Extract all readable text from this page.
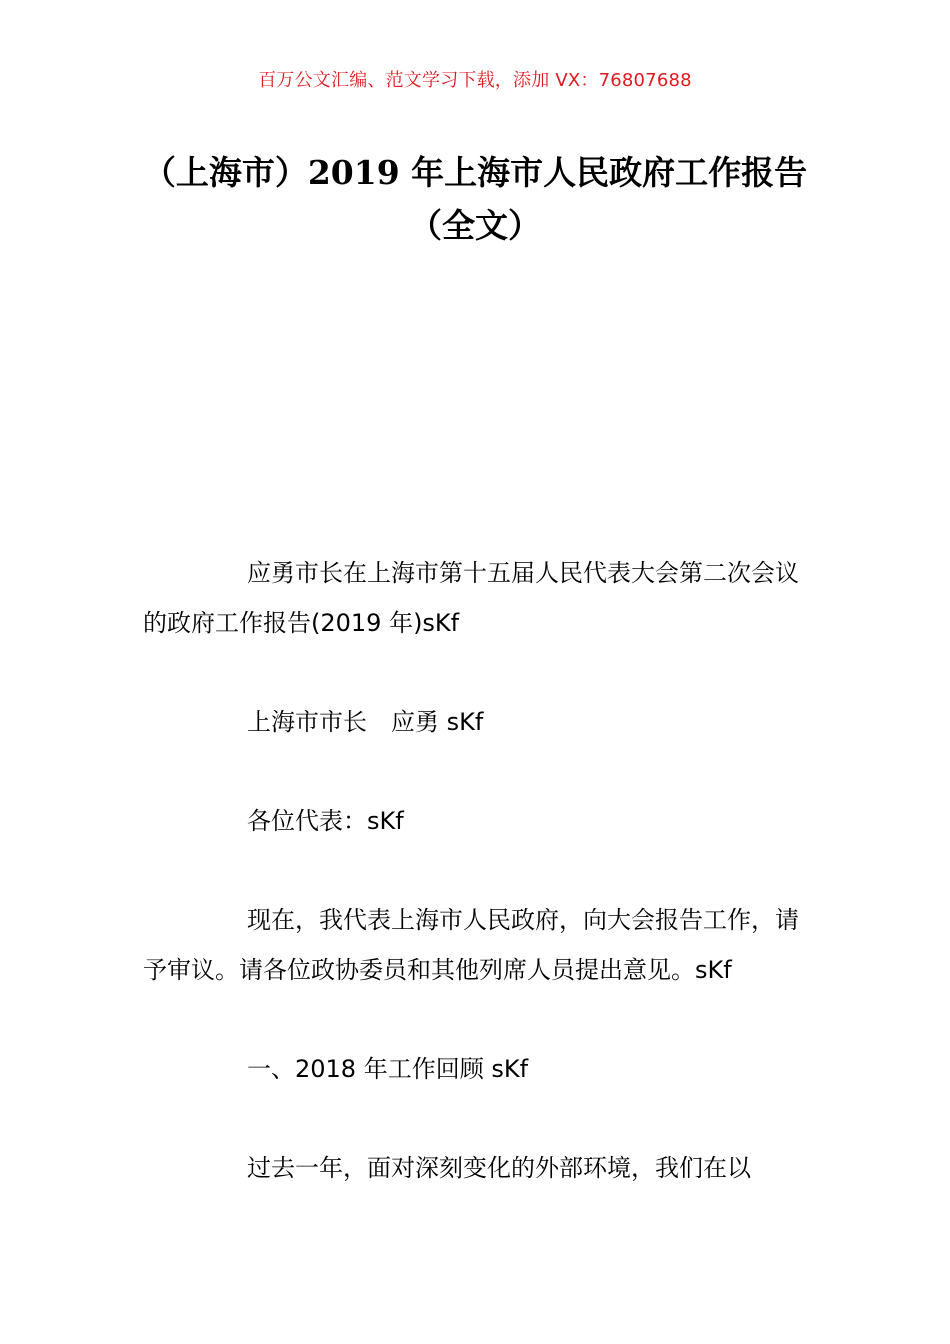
百万公文汇编、范文学习下载，添加 VX：76807688
（上海市）2019 年上海市人民政府工作报告（全文）

应勇市长在上海市第十五届人民代表大会第二次会议的政府工作报告(2019 年)sKf

上海市市长　应勇 sKf

各位代表：sKf

现在，我代表上海市人民政府，向大会报告工作，请予审议。请各位政协委员和其他列席人员提出意见。sKf

一、2018 年工作回顾 sKf

过去一年，面对深刻变化的外部环境，我们在以
